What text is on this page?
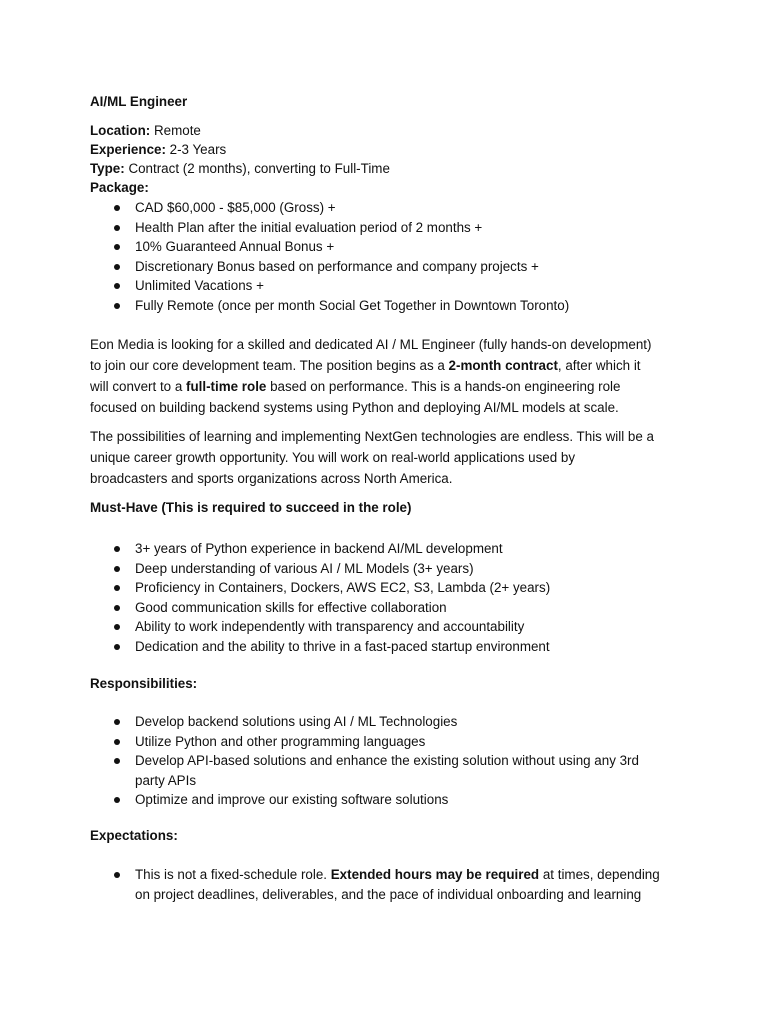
AI/ML Engineer
Location: Remote
Experience: 2-3 Years
Type: Contract (2 months), converting to Full-Time
Package:
CAD $60,000 - $85,000 (Gross) +
Health Plan after the initial evaluation period of 2 months +
10% Guaranteed Annual Bonus +
Discretionary Bonus based on performance and company projects +
Unlimited Vacations +
Fully Remote (once per month Social Get Together in Downtown Toronto)
Eon Media is looking for a skilled and dedicated AI / ML Engineer (fully hands-on development)
to join our core development team. The position begins as a 2-month contract, after which it
will convert to a full-time role based on performance. This is a hands-on engineering role
focused on building backend systems using Python and deploying AI/ML models at scale.
The possibilities of learning and implementing NextGen technologies are endless. This will be a
unique career growth opportunity. You will work on real-world applications used by
broadcasters and sports organizations across North America.
Must-Have (This is required to succeed in the role)
3+ years of Python experience in backend AI/ML development
Deep understanding of various AI / ML Models (3+ years)
Proficiency in Containers, Dockers, AWS EC2, S3, Lambda (2+ years)
Good communication skills for effective collaboration
Ability to work independently with transparency and accountability
Dedication and the ability to thrive in a fast-paced startup environment
Responsibilities:
Develop backend solutions using AI / ML Technologies
Utilize Python and other programming languages
Develop API-based solutions and enhance the existing solution without using any 3rd
party APIs
Optimize and improve our existing software solutions
Expectations:
This is not a fixed-schedule role. Extended hours may be required at times, depending
on project deadlines, deliverables, and the pace of individual onboarding and learning
